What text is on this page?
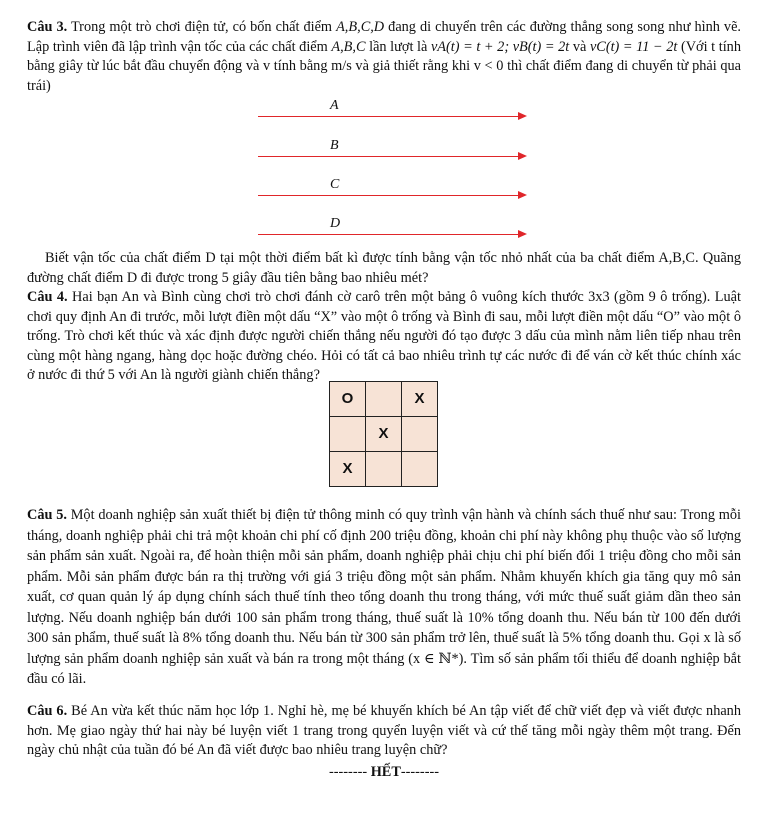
Câu 3. Trong một trò chơi điện tử, có bốn chất điểm A,B,C,D đang di chuyển trên các đường thẳng song song như hình vẽ. Lập trình viên đã lập trình vận tốc của các chất điểm A,B,C lần lượt là vA(t) = t + 2; vB(t) = 2t và vC(t) = 11 − 2t (Với t tính bằng giây từ lúc bắt đầu chuyển động và v tính bằng m/s và giả thiết rằng khi v < 0 thì chất điểm đang di chuyển từ phải qua trái)

A
B
C
D

Biết vận tốc của chất điểm D tại một thời điểm bất kì được tính bằng vận tốc nhỏ nhất của ba chất điểm A,B,C. Quãng đường chất điểm D đi được trong 5 giây đầu tiên bằng bao nhiêu mét?

Câu 4. Hai bạn An và Bình cùng chơi trò chơi đánh cờ carô trên một bảng ô vuông kích thước 3x3 (gồm 9 ô trống). Luật chơi quy định An đi trước, mỗi lượt điền một dấu “X” vào một ô trống và Bình đi sau, mỗi lượt điền một dấu “O” vào một ô trống. Trò chơi kết thúc và xác định được người chiến thắng nếu người đó tạo được 3 dấu của mình nằm liên tiếp nhau trên cùng một hàng ngang, hàng dọc hoặc đường chéo. Hỏi có tất cả bao nhiêu trình tự các nước đi để ván cờ kết thúc chính xác ở nước đi thứ 5 với An là người giành chiến thắng?

O		X
	X	
X		

Câu 5. Một doanh nghiệp sản xuất thiết bị điện tử thông minh có quy trình vận hành và chính sách thuế như sau: Trong mỗi tháng, doanh nghiệp phải chi trả một khoản chi phí cố định 200 triệu đồng, khoản chi phí này không phụ thuộc vào số lượng sản phẩm sản xuất. Ngoài ra, để hoàn thiện mỗi sản phẩm, doanh nghiệp phải chịu chi phí biến đổi 1 triệu đồng cho mỗi sản phẩm. Mỗi sản phẩm được bán ra thị trường với giá 3 triệu đồng một sản phẩm. Nhằm khuyến khích gia tăng quy mô sản xuất, cơ quan quản lý áp dụng chính sách thuế tính theo tổng doanh thu trong tháng, với mức thuế suất giảm dần theo sản lượng. Nếu doanh nghiệp bán dưới 100 sản phẩm trong tháng, thuế suất là 10% tổng doanh thu. Nếu bán từ 100 đến dưới 300 sản phẩm, thuế suất là 8% tổng doanh thu. Nếu bán từ 300 sản phẩm trở lên, thuế suất là 5% tổng doanh thu. Gọi x là số lượng sản phẩm doanh nghiệp sản xuất và bán ra trong một tháng (x ∈ ℕ*). Tìm số sản phẩm tối thiểu để doanh nghiệp bắt đầu có lãi.

Câu 6. Bé An vừa kết thúc năm học lớp 1. Nghỉ hè, mẹ bé khuyến khích bé An tập viết để chữ viết đẹp và viết được nhanh hơn. Mẹ giao ngày thứ hai này bé luyện viết 1 trang trong quyển luyện viết và cứ thế tăng mỗi ngày thêm một trang. Đến ngày chủ nhật của tuần đó bé An đã viết được bao nhiêu trang luyện chữ?

-------- HẾT--------
